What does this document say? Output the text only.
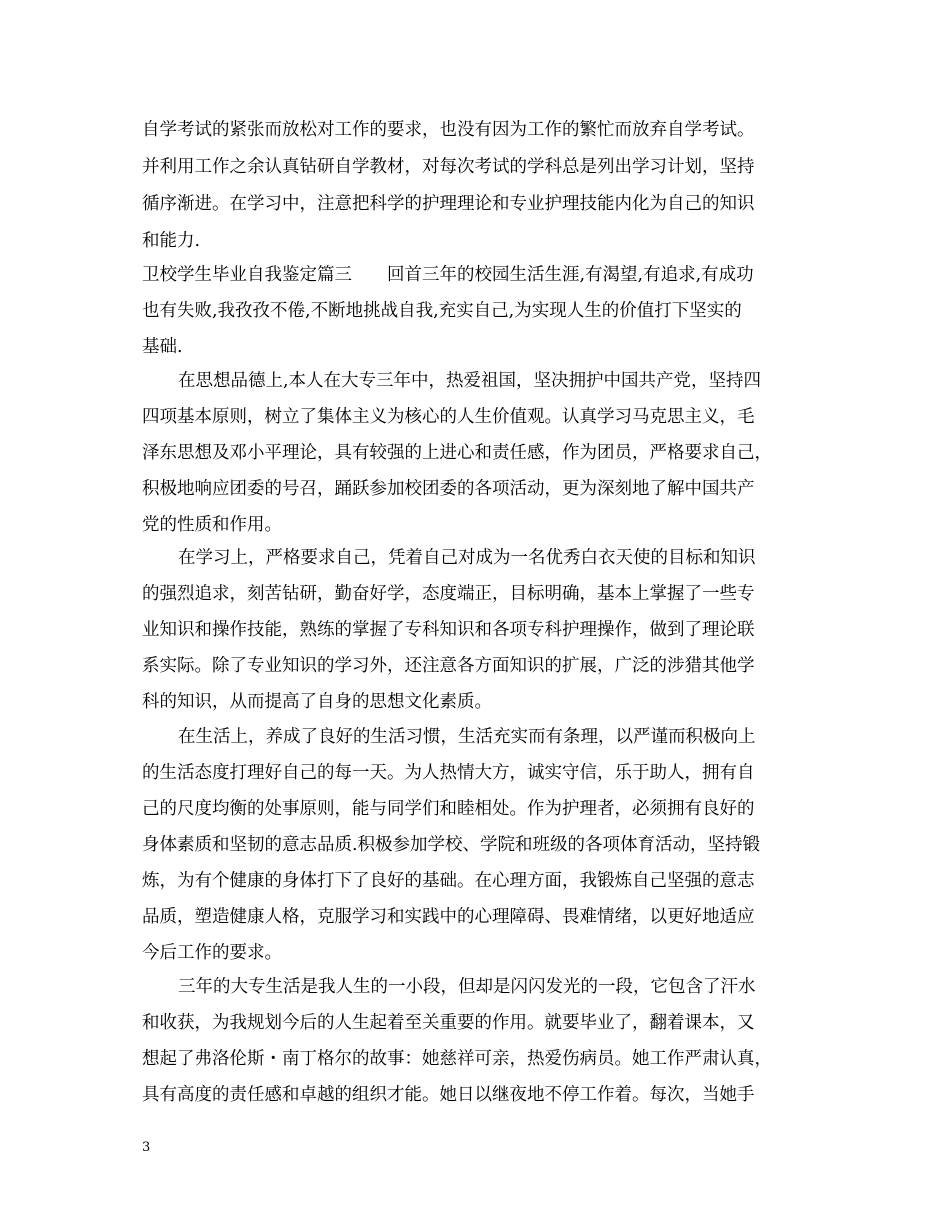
自学考试的紧张而放松对工作的要求，也没有因为工作的繁忙而放弃自学考试。
并利用工作之余认真钻研自学教材，对每次考试的学科总是列出学习计划，坚持
循序渐进。在学习中，注意把科学的护理理论和专业护理技能内化为自己的知识
和能力.
卫校学生毕业自我鉴定篇三　　回首三年的校园生活生涯,有渴望,有追求,有成功
也有失败,我孜孜不倦,不断地挑战自我,充实自己,为实现人生的价值打下坚实的
基础.
在思想品德上,本人在大专三年中，热爱祖国，坚决拥护中国共产党，坚持四
四项基本原则，树立了集体主义为核心的人生价值观。认真学习马克思主义，毛
泽东思想及邓小平理论，具有较强的上进心和责任感，作为团员，严格要求自己，
积极地响应团委的号召，踊跃参加校团委的各项活动，更为深刻地了解中国共产
党的性质和作用。
在学习上，严格要求自己，凭着自己对成为一名优秀白衣天使的目标和知识
的强烈追求，刻苦钻研，勤奋好学，态度端正，目标明确，基本上掌握了一些专
业知识和操作技能，熟练的掌握了专科知识和各项专科护理操作，做到了理论联
系实际。除了专业知识的学习外，还注意各方面知识的扩展，广泛的涉猎其他学
科的知识，从而提高了自身的思想文化素质。
在生活上，养成了良好的生活习惯，生活充实而有条理，以严谨而积极向上
的生活态度打理好自己的每一天。为人热情大方，诚实守信，乐于助人，拥有自
己的尺度均衡的处事原则，能与同学们和睦相处。作为护理者，必须拥有良好的
身体素质和坚韧的意志品质.积极参加学校、学院和班级的各项体育活动，坚持锻
炼，为有个健康的身体打下了良好的基础。在心理方面，我锻炼自己坚强的意志
品质，塑造健康人格，克服学习和实践中的心理障碍、畏难情绪，以更好地适应
今后工作的要求。
三年的大专生活是我人生的一小段，但却是闪闪发光的一段，它包含了汗水
和收获，为我规划今后的人生起着至关重要的作用。就要毕业了，翻着课本，又
想起了弗洛伦斯・南丁格尔的故事：她慈祥可亲，热爱伤病员。她工作严肃认真，
具有高度的责任感和卓越的组织才能。她日以继夜地不停工作着。每次，当她手
3
